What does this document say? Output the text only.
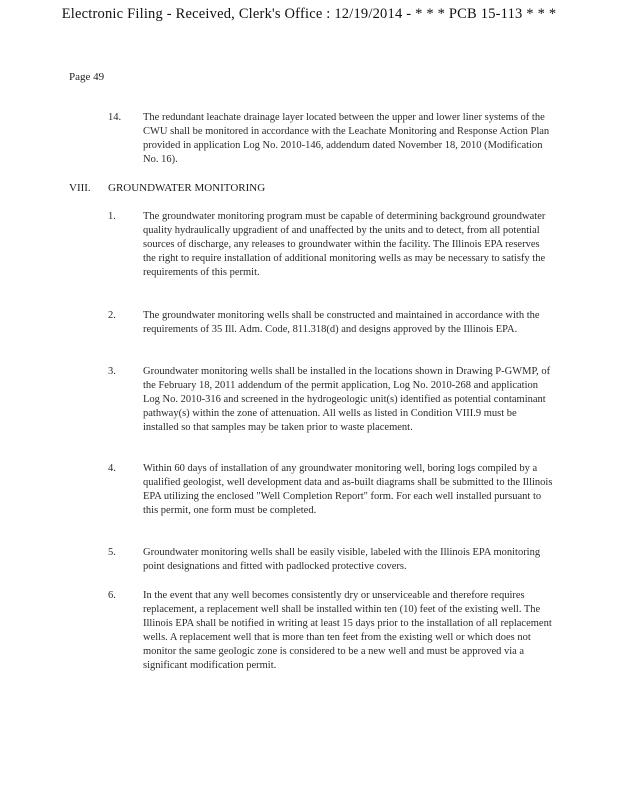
Electronic Filing - Received, Clerk's Office : 12/19/2014 - * * * PCB 15-113 * * *
Page 49
14. The redundant leachate drainage layer located between the upper and lower liner systems of the CWU shall be monitored in accordance with the Leachate Monitoring and Response Action Plan provided in application Log No. 2010-146, addendum dated November 18, 2010 (Modification No. 16).
VIII. GROUNDWATER MONITORING
1.	The groundwater monitoring program must be capable of determining background groundwater quality hydraulically upgradient of and unaffected by the units and to detect, from all potential sources of discharge, any releases to groundwater within the facility. The Illinois EPA reserves the right to require installation of additional monitoring wells as may be necessary to satisfy the requirements of this permit.
2.	The groundwater monitoring wells shall be constructed and maintained in accordance with the requirements of 35 Ill. Adm. Code, 811.318(d) and designs approved by the Illinois EPA.
3.	Groundwater monitoring wells shall be installed in the locations shown in Drawing P-GWMP, of the February 18, 2011 addendum of the permit application, Log No. 2010-268 and application Log No. 2010-316 and screened in the hydrogeologic unit(s) identified as potential contaminant pathway(s) within the zone of attenuation. All wells as listed in Condition VIII.9 must be installed so that samples may be taken prior to waste placement.
4.	Within 60 days of installation of any groundwater monitoring well, boring logs compiled by a qualified geologist, well development data and as-built diagrams shall be submitted to the Illinois EPA utilizing the enclosed "Well Completion Report" form. For each well installed pursuant to this permit, one form must be completed.
5.	Groundwater monitoring wells shall be easily visible, labeled with the Illinois EPA monitoring point designations and fitted with padlocked protective covers.
6.	In the event that any well becomes consistently dry or unserviceable and therefore requires replacement, a replacement well shall be installed within ten (10) feet of the existing well. The Illinois EPA shall be notified in writing at least 15 days prior to the installation of all replacement wells. A replacement well that is more than ten feet from the existing well or which does not monitor the same geologic zone is considered to be a new well and must be approved via a significant modification permit.
